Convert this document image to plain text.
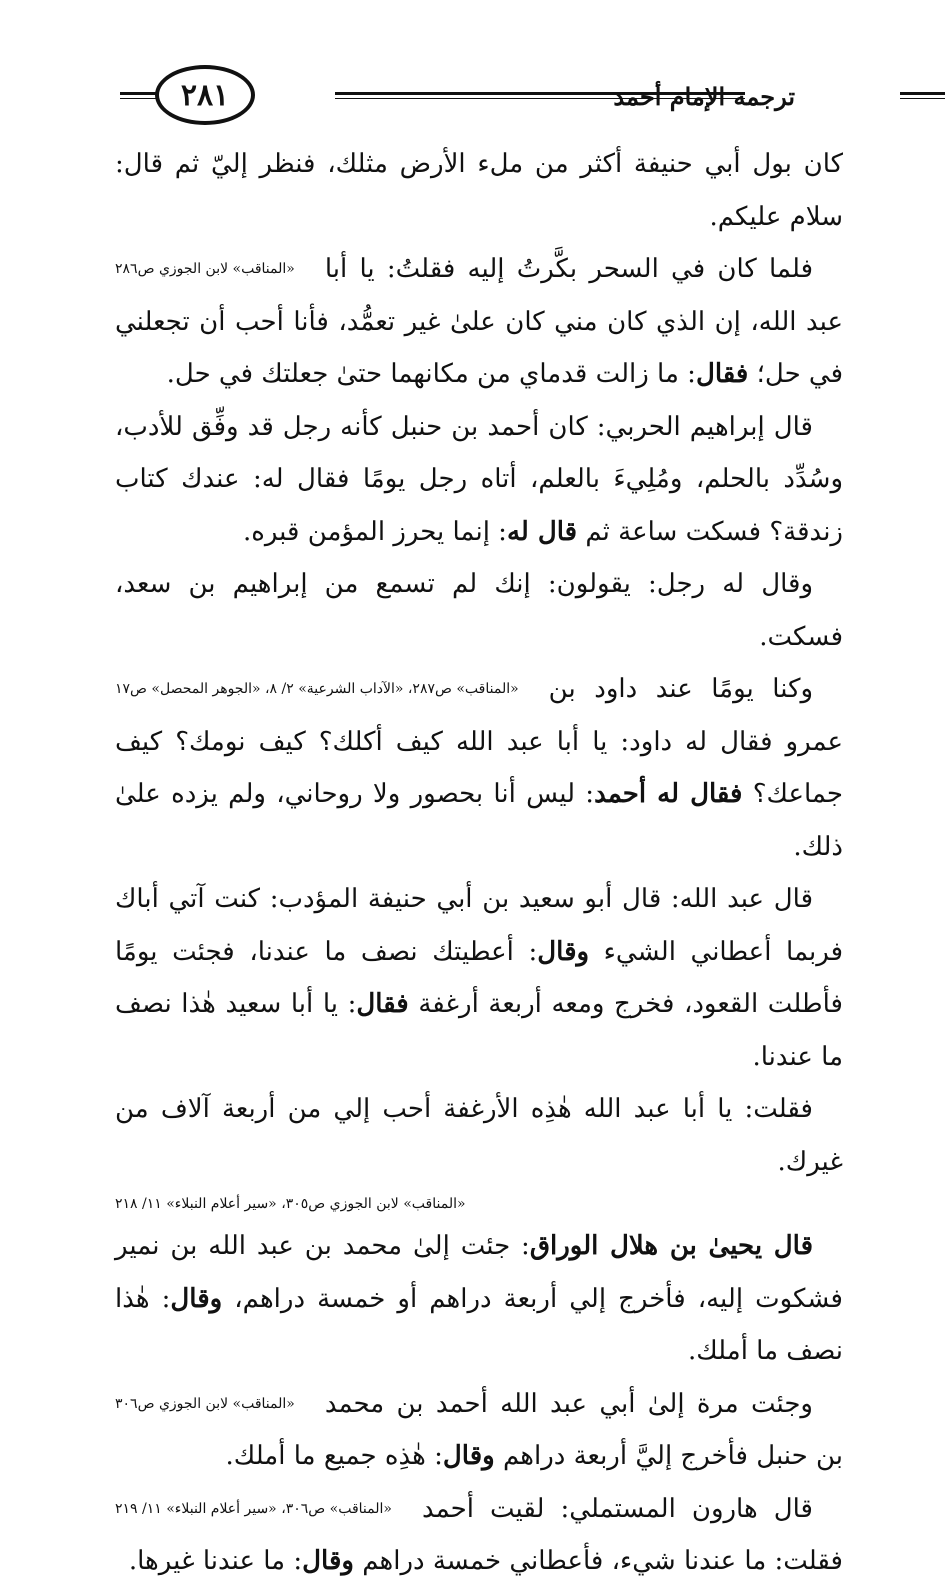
٢٨١	ترجمة الإمام أحمد

كان بول أبي حنيفة أكثر من ملء الأرض مثلك، فنظر إليّ ثم قال: سلام عليكم.

«المناقب» لابن الجوزي ص٢٨٦	فلما كان في السحر بكَّرتُ إليه فقلتُ: يا أبا عبد الله، إن الذي كان مني كان علىٰ غير تعمُّد، فأنا أحب أن تجعلني في حل؛ فقال: ما زالت قدماي من مكانهما حتىٰ جعلتك في حل.

قال إبراهيم الحربي: كان أحمد بن حنبل كأنه رجل قد وفِّق للأدب، وسُدِّد بالحلم، ومُلِيءَ بالعلم، أتاه رجل يومًا فقال له: عندك كتاب زندقة؟ فسكت ساعة ثم قال له: إنما يحرز المؤمن قبره.

وقال له رجل: يقولون: إنك لم تسمع من إبراهيم بن سعد، فسكت.

«المناقب» ص٢٨٧، «الآداب الشرعية» ٢/ ٨، «الجوهر المحصل» ص١٧	وكنا يومًا عند داود بن عمرو فقال له داود: يا أبا عبد الله كيف أكلك؟ كيف نومك؟ كيف جماعك؟ فقال له أحمد: ليس أنا بحصور ولا روحاني، ولم يزده علىٰ ذلك.

قال عبد الله: قال أبو سعيد بن أبي حنيفة المؤدب: كنت آتي أباك فربما أعطاني الشيء وقال: أعطيتك نصف ما عندنا، فجئت يومًا فأطلت القعود، فخرج ومعه أربعة أرغفة فقال: يا أبا سعيد هٰذا نصف ما عندنا.

فقلت: يا أبا عبد الله هٰذِه الأرغفة أحب إلي من أربعة آلاف من غيرك.

«المناقب» لابن الجوزي ص٣٠٥، «سير أعلام النبلاء» ١١/ ٢١٨

قال يحيىٰ بن هلال الوراق: جئت إلىٰ محمد بن عبد الله بن نمير فشكوت إليه، فأخرج إلي أربعة دراهم أو خمسة دراهم، وقال: هٰذا نصف ما أملك.

«المناقب» لابن الجوزي ص٣٠٦	وجئت مرة إلىٰ أبي عبد الله أحمد بن محمد بن حنبل فأخرج إليَّ أربعة دراهم وقال: هٰذِه جميع ما أملك.

«المناقب» ص٣٠٦، «سير أعلام النبلاء» ١١/ ٢١٩	قال هارون المستملي: لقيت أحمد فقلت: ما عندنا شيء، فأعطاني خمسة دراهم وقال: ما عندنا غيرها.
